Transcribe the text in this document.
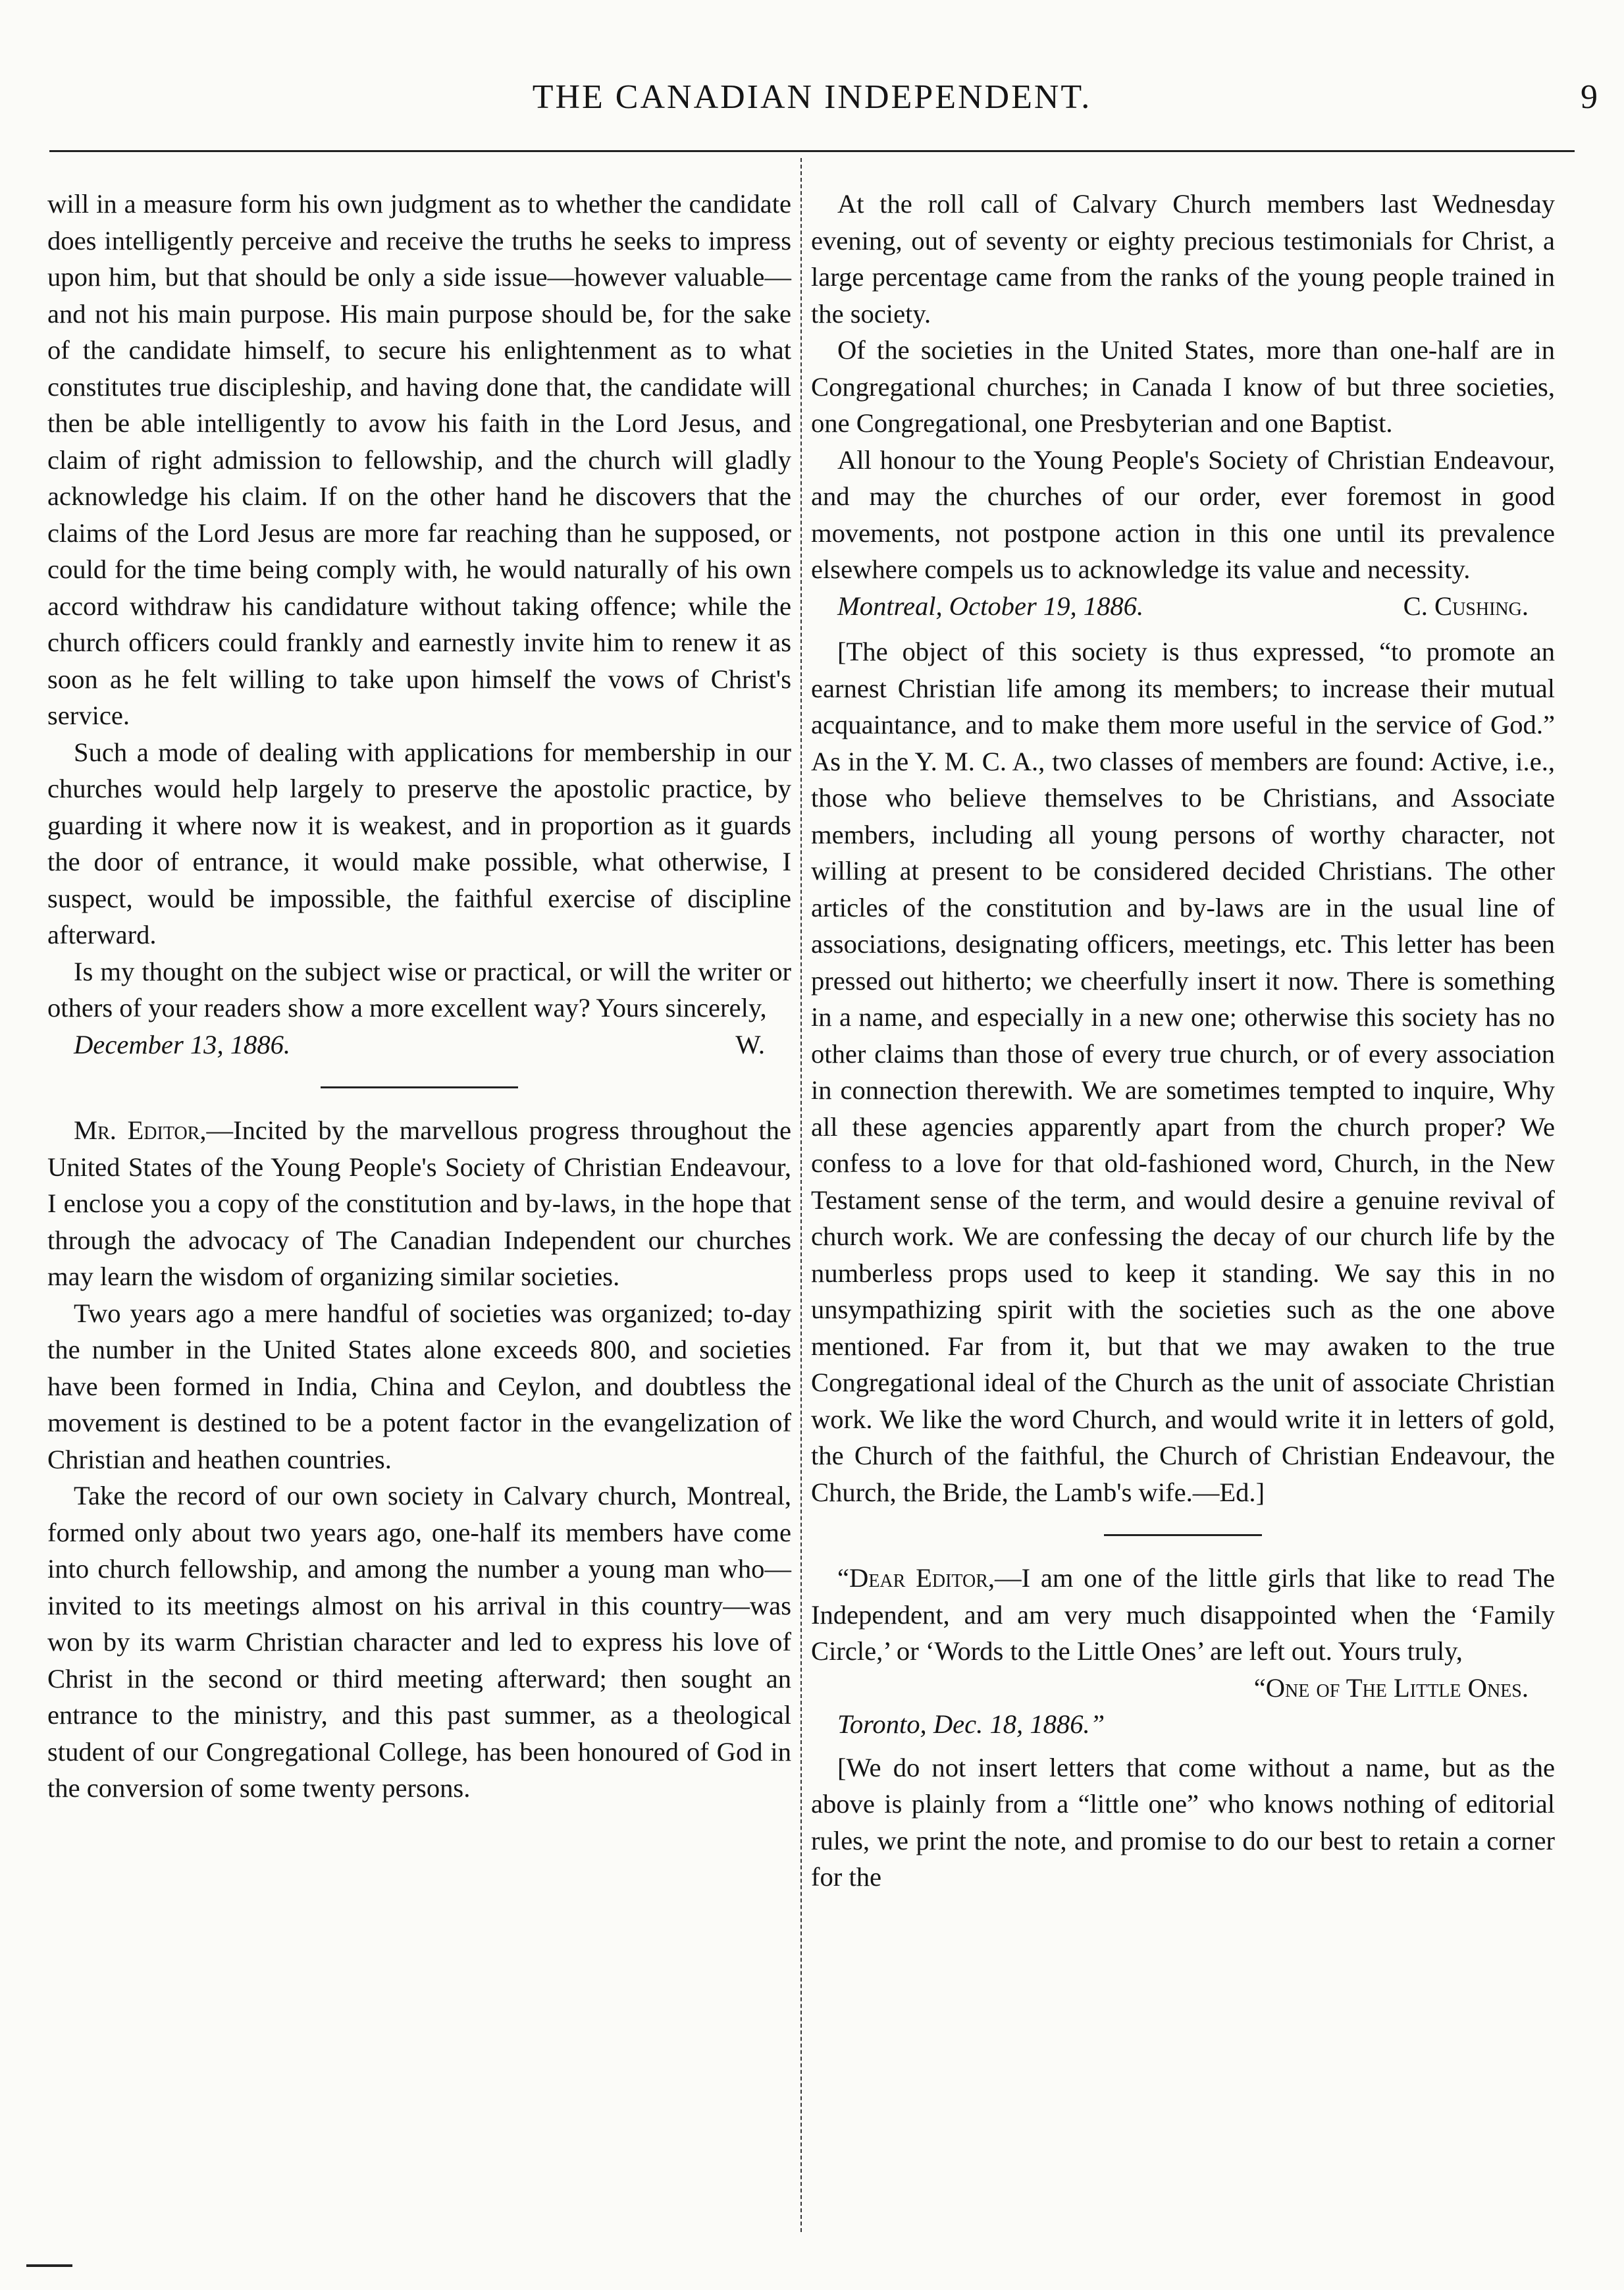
THE CANADIAN INDEPENDENT.	9

will in a measure form his own judgment as to whether the candidate does intelligently perceive and receive the truths he seeks to impress upon him, but that should be only a side issue—however valuable—and not his main purpose. His main purpose should be, for the sake of the candidate himself, to secure his enlightenment as to what constitutes true discipleship, and having done that, the candidate will then be able intelligently to avow his faith in the Lord Jesus, and claim of right admission to fellowship, and the church will gladly acknowledge his claim. If on the other hand he discovers that the claims of the Lord Jesus are more far reaching than he supposed, or could for the time being comply with, he would naturally of his own accord withdraw his candidature without taking offence; while the church officers could frankly and earnestly invite him to renew it as soon as he felt willing to take upon himself the vows of Christ's service.

Such a mode of dealing with applications for membership in our churches would help largely to preserve the apostolic practice, by guarding it where now it is weakest, and in proportion as it guards the door of entrance, it would make possible, what otherwise, I suspect, would be impossible, the faithful exercise of discipline afterward.

Is my thought on the subject wise or practical, or will the writer or others of your readers show a more excellent way? Yours sincerely,
W.

December 13, 1886.

Mr. Editor,—Incited by the marvellous progress throughout the United States of the Young People's Society of Christian Endeavour, I enclose you a copy of the constitution and by-laws, in the hope that through the advocacy of The Canadian Independent our churches may learn the wisdom of organizing similar societies.

Two years ago a mere handful of societies was organized; to-day the number in the United States alone exceeds 800, and societies have been formed in India, China and Ceylon, and doubtless the movement is destined to be a potent factor in the evangelization of Christian and heathen countries.

Take the record of our own society in Calvary church, Montreal, formed only about two years ago, one-half its members have come into church fellowship, and among the number a young man who—invited to its meetings almost on his arrival in this country—was won by its warm Christian character and led to express his love of Christ in the second or third meeting afterward; then sought an entrance to the ministry, and this past summer, as a theological student of our Congregational College, has been honoured of God in the conversion of some twenty persons.

At the roll call of Calvary Church members last Wednesday evening, out of seventy or eighty precious testimonials for Christ, a large percentage came from the ranks of the young people trained in the society.

Of the societies in the United States, more than one-half are in Congregational churches; in Canada I know of but three societies, one Congregational, one Presbyterian and one Baptist.

All honour to the Young People's Society of Christian Endeavour, and may the churches of our order, ever foremost in good movements, not postpone action in this one until its prevalence elsewhere compels us to acknowledge its value and necessity.

Montreal, October 19, 1886.	C. Cushing.

[The object of this society is thus expressed, “to promote an earnest Christian life among its members; to increase their mutual acquaintance, and to make them more useful in the service of God.” As in the Y. M. C. A., two classes of members are found: Active, i.e., those who believe themselves to be Christians, and Associate members, including all young persons of worthy character, not willing at present to be considered decided Christians. The other articles of the constitution and by-laws are in the usual line of associations, designating officers, meetings, etc. This letter has been pressed out hitherto; we cheerfully insert it now. There is something in a name, and especially in a new one; otherwise this society has no other claims than those of every true church, or of every association in connection therewith. We are sometimes tempted to inquire, Why all these agencies apparently apart from the church proper? We confess to a love for that old-fashioned word, Church, in the New Testament sense of the term, and would desire a genuine revival of church work. We are confessing the decay of our church life by the numberless props used to keep it standing. We say this in no unsympathizing spirit with the societies such as the one above mentioned. Far from it, but that we may awaken to the true Congregational ideal of the Church as the unit of associate Christian work. We like the word Church, and would write it in letters of gold, the Church of the faithful, the Church of Christian Endeavour, the Church, the Bride, the Lamb's wife.—Ed.]

“Dear Editor,—I am one of the little girls that like to read The Independent, and am very much disappointed when the ‘Family Circle,’ or ‘Words to the Little Ones’ are left out. Yours truly,

“One of The Little Ones.

Toronto, Dec. 18, 1886.”

[We do not insert letters that come without a name, but as the above is plainly from a “little one” who knows nothing of editorial rules, we print the note, and promise to do our best to retain a corner for the
